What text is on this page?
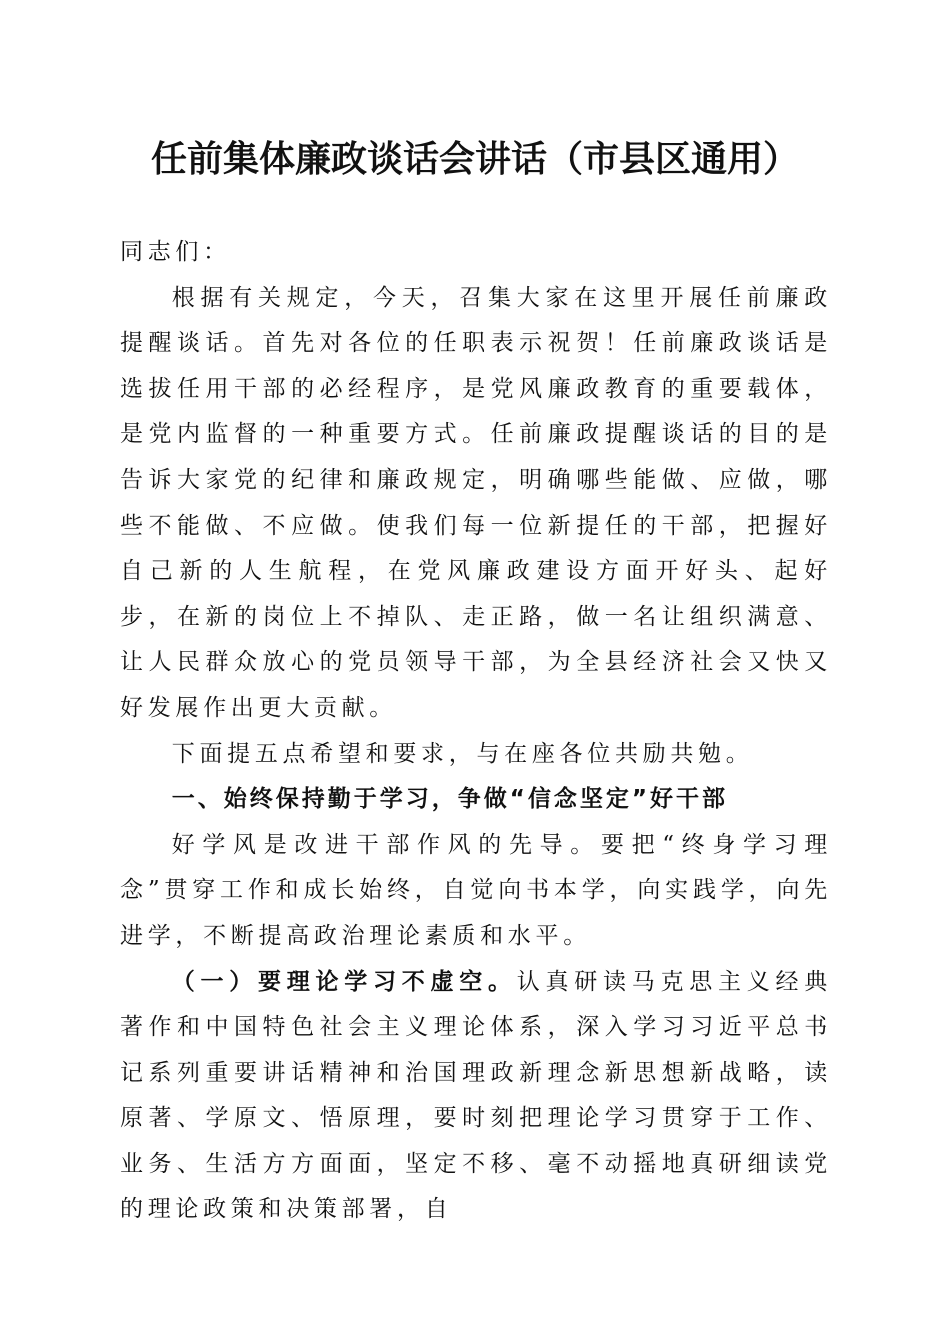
任前集体廉政谈话会讲话（市县区通用）

同志们：

根据有关规定，今天，召集大家在这里开展任前廉政提醒谈话。首先对各位的任职表示祝贺！任前廉政谈话是选拔任用干部的必经程序，是党风廉政教育的重要载体，是党内监督的一种重要方式。任前廉政提醒谈话的目的是告诉大家党的纪律和廉政规定，明确哪些能做、应做，哪些不能做、不应做。使我们每一位新提任的干部，把握好自己新的人生航程，在党风廉政建设方面开好头、起好步，在新的岗位上不掉队、走正路，做一名让组织满意、让人民群众放心的党员领导干部，为全县经济社会又快又好发展作出更大贡献。

下面提五点希望和要求，与在座各位共励共勉。

一、始终保持勤于学习，争做“信念坚定”好干部

好学风是改进干部作风的先导。要把“终身学习理念”贯穿工作和成长始终，自觉向书本学，向实践学，向先进学，不断提高政治理论素质和水平。

（一）要理论学习不虚空。认真研读马克思主义经典著作和中国特色社会主义理论体系，深入学习习近平总书记系列重要讲话精神和治国理政新理念新思想新战略，读原著、学原文、悟原理，要时刻把理论学习贯穿于工作、业务、生活方方面面，坚定不移、毫不动摇地真研细读党的理论政策和决策部署，自
